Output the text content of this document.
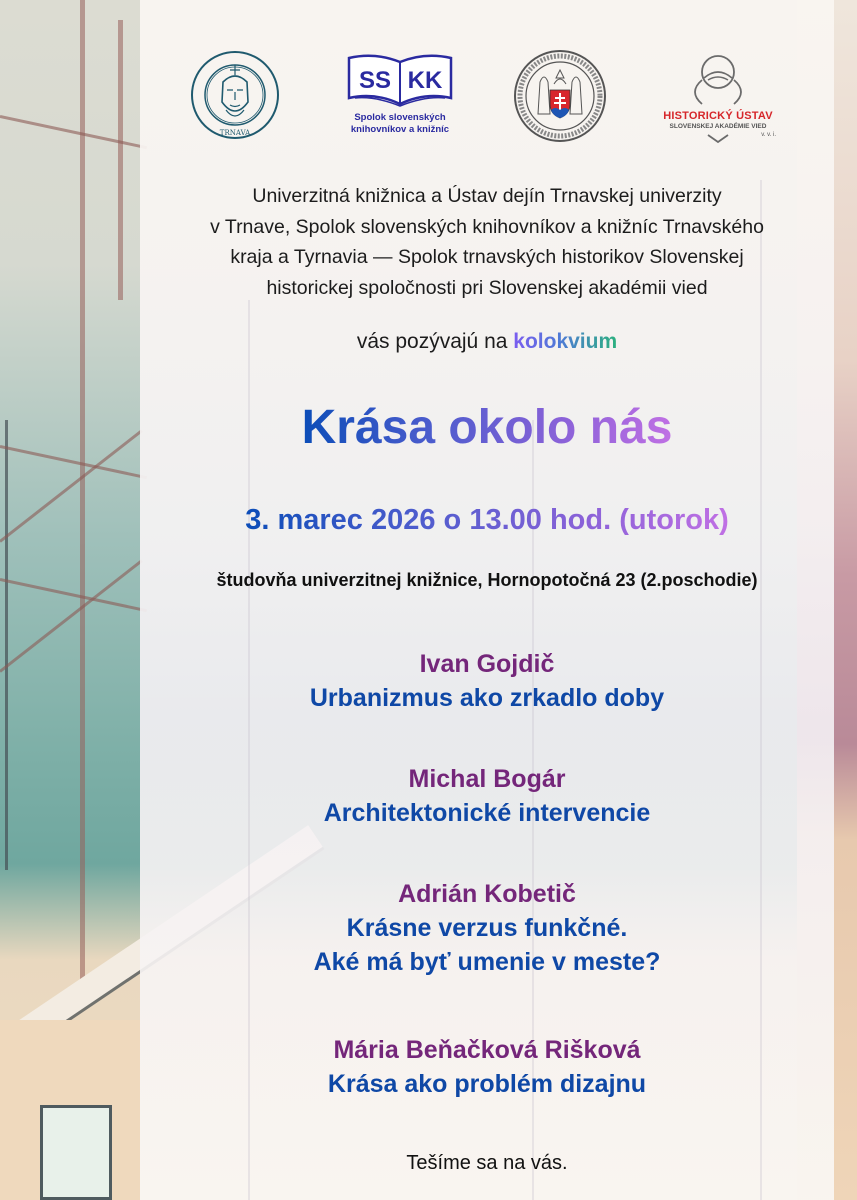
TRNAVA
SS KK
Spolok slovenských
knihovníkov a knižníc
HISTORICKÝ ÚSTAV
SLOVENSKEJ AKADÉMIE VIED
v. v. i.
Univerzitná knižnica a Ústav dejín Trnavskej univerzity
v Trnave, Spolok slovenských knihovníkov a knižníc Trnavského
kraja a Tyrnavia — Spolok trnavských historikov Slovenskej
historickej spoločnosti pri Slovenskej akadémii vied
vás pozývajú na kolokvium
Krása okolo nás
3. marec 2026 o 13.00 hod. (utorok)
študovňa univerzitnej knižnice, Hornopotočná 23 (2.poschodie)
Ivan Gojdič
Urbanizmus ako zrkadlo doby
Michal Bogár
Architektonické intervencie
Adrián Kobetič
Krásne verzus funkčné.
Aké má byť umenie v meste?
Mária Beňačková Rišková
Krása ako problém dizajnu
Tešíme sa na vás.
